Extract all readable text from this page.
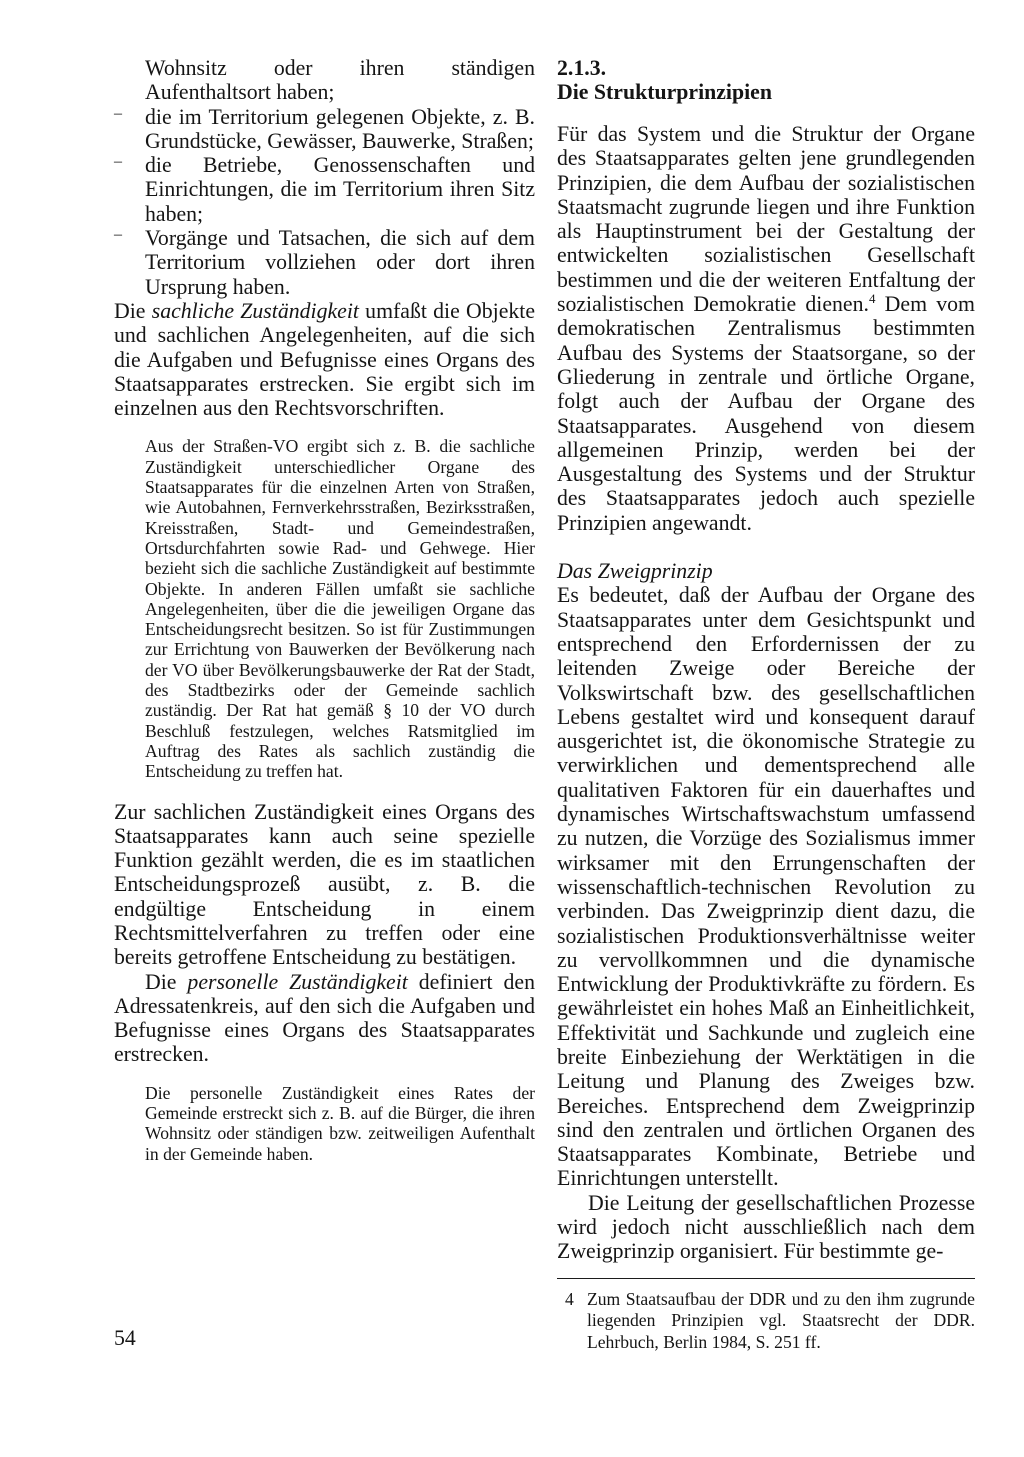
Wohnsitz oder ihren ständigen Aufenthaltsort haben;

–	die im Territorium gelegenen Objekte, z. B. Grundstücke, Gewässer, Bauwerke, Straßen;

–	die Betriebe, Genossenschaften und Einrichtungen, die im Territorium ihren Sitz haben;

–	Vorgänge und Tatsachen, die sich auf dem Territorium vollziehen oder dort ihren Ursprung haben.

Die sachliche Zuständigkeit umfaßt die Objekte und sachlichen Angelegenheiten, auf die sich die Aufgaben und Befugnisse eines Organs des Staatsapparates erstrecken. Sie ergibt sich im einzelnen aus den Rechtsvorschriften.

Aus der Straßen-VO ergibt sich z. B. die sachliche Zuständigkeit unterschiedlicher Organe des Staatsapparates für die einzelnen Arten von Straßen, wie Autobahnen, Fernverkehrsstraßen, Bezirksstraßen, Kreisstraßen, Stadt- und Gemeindestraßen, Ortsdurchfahrten sowie Rad- und Gehwege. Hier bezieht sich die sachliche Zuständigkeit auf bestimmte Objekte. In anderen Fällen umfaßt sie sachliche Angelegenheiten, über die die jeweiligen Organe das Entscheidungsrecht besitzen. So ist für Zustimmungen zur Errichtung von Bauwerken der Bevölkerung nach der VO über Bevölkerungsbauwerke der Rat der Stadt, des Stadtbezirks oder der Gemeinde sachlich zuständig. Der Rat hat gemäß § 10 der VO durch Beschluß festzulegen, welches Ratsmitglied im Auftrag des Rates als sachlich zuständig die Entscheidung zu treffen hat.

Zur sachlichen Zuständigkeit eines Organs des Staatsapparates kann auch seine spezielle Funktion gezählt werden, die es im staatlichen Entscheidungsprozeß ausübt, z. B. die endgültige Entscheidung in einem Rechtsmittelverfahren zu treffen oder eine bereits getroffene Entscheidung zu bestätigen.

Die personelle Zuständigkeit definiert den Adressatenkreis, auf den sich die Aufgaben und Befugnisse eines Organs des Staatsapparates erstrecken.

Die personelle Zuständigkeit eines Rates der Gemeinde erstreckt sich z. B. auf die Bürger, die ihren Wohnsitz oder ständigen bzw. zeitweiligen Aufenthalt in der Gemeinde haben.

2.1.3.
Die Strukturprinzipien

Für das System und die Struktur der Organe des Staatsapparates gelten jene grundlegenden Prinzipien, die dem Aufbau der sozialistischen Staatsmacht zugrunde liegen und ihre Funktion als Hauptinstrument bei der Gestaltung der entwickelten sozialistischen Gesellschaft bestimmen und die der weiteren Entfaltung der sozialistischen Demokratie dienen.$^4$ Dem vom demokratischen Zentralismus bestimmten Aufbau des Systems der Staatsorgane, so der Gliederung in zentrale und örtliche Organe, folgt auch der Aufbau der Organe des Staatsapparates. Ausgehend von diesem allgemeinen Prinzip, werden bei der Ausgestaltung des Systems und der Struktur des Staatsapparates jedoch auch spezielle Prinzipien angewandt.

Das Zweigprinzip

Es bedeutet, daß der Aufbau der Organe des Staatsapparates unter dem Gesichtspunkt und entsprechend den Erfordernissen der zu leitenden Zweige oder Bereiche der Volkswirtschaft bzw. des gesellschaftlichen Lebens gestaltet wird und konsequent darauf ausgerichtet ist, die ökonomische Strategie zu verwirklichen und dementsprechend alle qualitativen Faktoren für ein dauerhaftes und dynamisches Wirtschaftswachstum umfassend zu nutzen, die Vorzüge des Sozialismus immer wirksamer mit den Errungenschaften der wissenschaftlich-technischen Revolution zu verbinden. Das Zweigprinzip dient dazu, die sozialistischen Produktionsverhältnisse weiter zu vervollkommnen und die dynamische Entwicklung der Produktivkräfte zu fördern. Es gewährleistet ein hohes Maß an Einheitlichkeit, Effektivität und Sachkunde und zugleich eine breite Einbeziehung der Werktätigen in die Leitung und Planung des Zweiges bzw. Bereiches. Entsprechend dem Zweigprinzip sind den zentralen und örtlichen Organen des Staatsapparates Kombinate, Betriebe und Einrichtungen unterstellt.

Die Leitung der gesellschaftlichen Prozesse wird jedoch nicht ausschließlich nach dem Zweigprinzip organisiert. Für bestimmte ge-

4 Zum Staatsaufbau der DDR und zu den ihm zugrunde liegenden Prinzipien vgl. Staatsrecht der DDR. Lehrbuch, Berlin 1984, S. 251 ff.
54
